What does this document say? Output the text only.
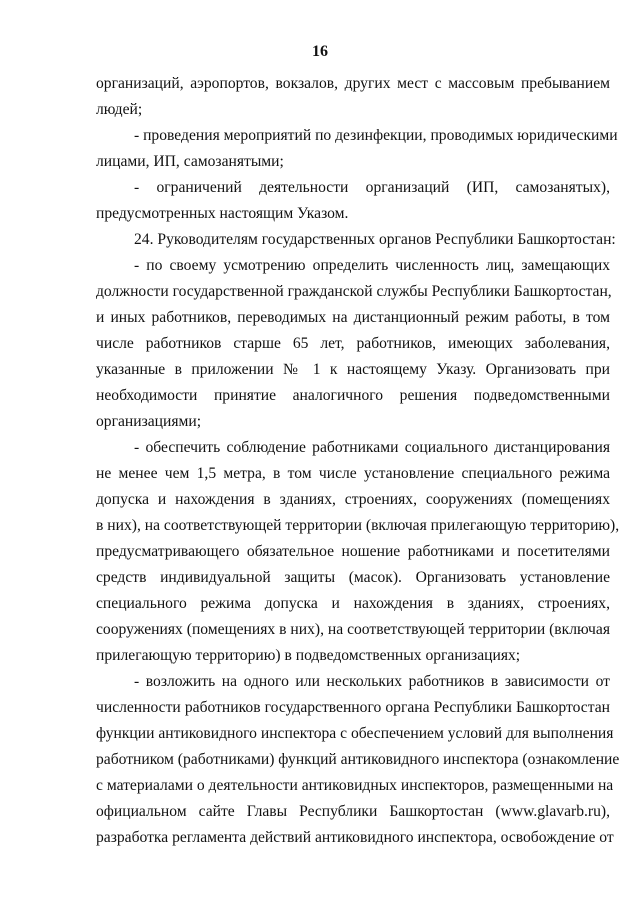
16
организаций, аэропортов, вокзалов, других мест с массовым пребыванием
людей;
- проведения мероприятий по дезинфекции, проводимых юридическими
лицами, ИП, самозанятыми;
- ограничений деятельности организаций (ИП, самозанятых),
предусмотренных настоящим Указом.
24. Руководителям государственных органов Республики Башкортостан:
- по своему усмотрению определить численность лиц, замещающих
должности государственной гражданской службы Республики Башкортостан,
и иных работников, переводимых на дистанционный режим работы, в том
числе работников старше 65 лет, работников, имеющих заболевания,
указанные в приложении № 1 к настоящему Указу. Организовать при
необходимости принятие аналогичного решения подведомственными
организациями;
- обеспечить соблюдение работниками социального дистанцирования
не менее чем 1,5 метра, в том числе установление специального режима
допуска и нахождения в зданиях, строениях, сооружениях (помещениях
в них), на соответствующей территории (включая прилегающую территорию),
предусматривающего обязательное ношение работниками и посетителями
средств индивидуальной защиты (масок). Организовать установление
специального режима допуска и нахождения в зданиях, строениях,
сооружениях (помещениях в них), на соответствующей территории (включая
прилегающую территорию) в подведомственных организациях;
- возложить на одного или нескольких работников в зависимости от
численности работников государственного органа Республики Башкортостан
функции антиковидного инспектора с обеспечением условий для выполнения
работником (работниками) функций антиковидного инспектора (ознакомление
с материалами о деятельности антиковидных инспекторов, размещенными на
официальном сайте Главы Республики Башкортостан (www.glavarb.ru),
разработка регламента действий антиковидного инспектора, освобождение от
